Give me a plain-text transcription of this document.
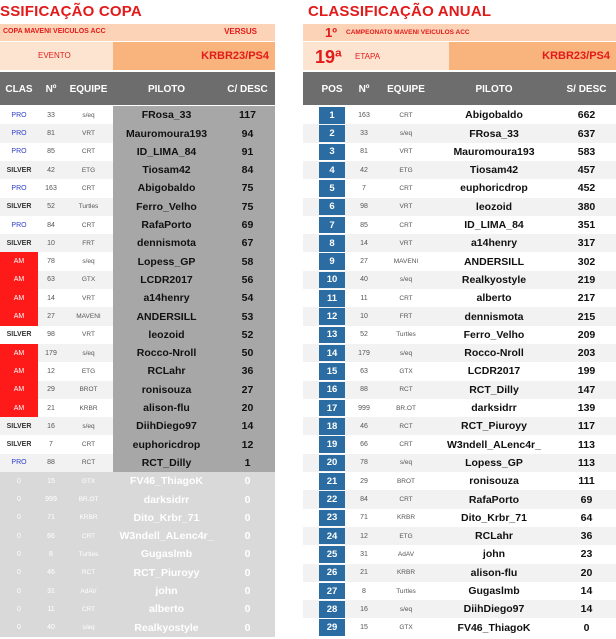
SSIFICAÇÃO COPA
COPA MAVENI VEICULOS ACC	VERSUS
EVENTO	KRBR23/PS4
CLAS	Nº	EQUIPE	PILOTO	C/ DESC
PRO	33	s/eq	FRosa_33	117
PRO	81	VRT	Mauromoura193	94
PRO	85	CRT	ID_LIMA_84	91
SILVER	42	ETG	Tiosam42	84
PRO	163	CRT	Abigobaldo	75
SILVER	52	Turtles	Ferro_Velho	75
PRO	84	CRT	RafaPorto	69
SILVER	10	FRT	dennismota	67
AM	78	s/eq	Lopess_GP	58
AM	63	GTX	LCDR2017	56
AM	14	VRT	a14henry	54
AM	27	MAVENI	ANDERSILL	53
SILVER	98	VRT	leozoid	52
AM	179	s/eq	Rocco-Nroll	50
AM	12	ETG	RCLahr	36
AM	29	BROT	ronisouza	27
AM	21	KRBR	alison-flu	20
SILVER	16	s/eq	DiihDiego97	14
SILVER	7	CRT	euphoricdrop	12
PRO	88	RCT	RCT_Dilly	1
0	15	GTX	FV46_ThiagoK	0
0	999	BR.OT	darksidrr	0
0	71	KRBR	Dito_Krbr_71	0
0	66	CRT	W3ndell_ALenc4r_	0
0	8	Turtles	Gugaslmb	0
0	46	RCT	RCT_Piuroyy	0
0	31	AdAV	john	0
0	11	CRT	alberto	0
0	40	s/eq	Realkyostyle	0
CLASSIFICAÇÃO ANUAL
1º CAMPEONATO MAVENI VEICULOS ACC
19ª ETAPA	KRBR23/PS4
POS	Nº	EQUIPE	PILOTO	S/ DESC
1	163	CRT	Abigobaldo	662
2	33	s/eq	FRosa_33	637
3	81	VRT	Mauromoura193	583
4	42	ETG	Tiosam42	457
5	7	CRT	euphoricdrop	452
6	98	VRT	leozoid	380
7	85	CRT	ID_LIMA_84	351
8	14	VRT	a14henry	317
9	27	MAVENI	ANDERSILL	302
10	40	s/eq	Realkyostyle	219
11	11	CRT	alberto	217
12	10	FRT	dennismota	215
13	52	Turtles	Ferro_Velho	209
14	179	s/eq	Rocco-Nroll	203
15	63	GTX	LCDR2017	199
16	88	RCT	RCT_Dilly	147
17	999	BR.OT	darksidrr	139
18	46	RCT	RCT_Piuroyy	117
19	66	CRT	W3ndell_ALenc4r_	113
20	78	s/eq	Lopess_GP	113
21	29	BROT	ronisouza	111
22	84	CRT	RafaPorto	69
23	71	KRBR	Dito_Krbr_71	64
24	12	ETG	RCLahr	36
25	31	AdAV	john	23
26	21	KRBR	alison-flu	20
27	8	Turtles	Gugaslmb	14
28	16	s/eq	DiihDiego97	14
29	15	GTX	FV46_ThiagoK	0
